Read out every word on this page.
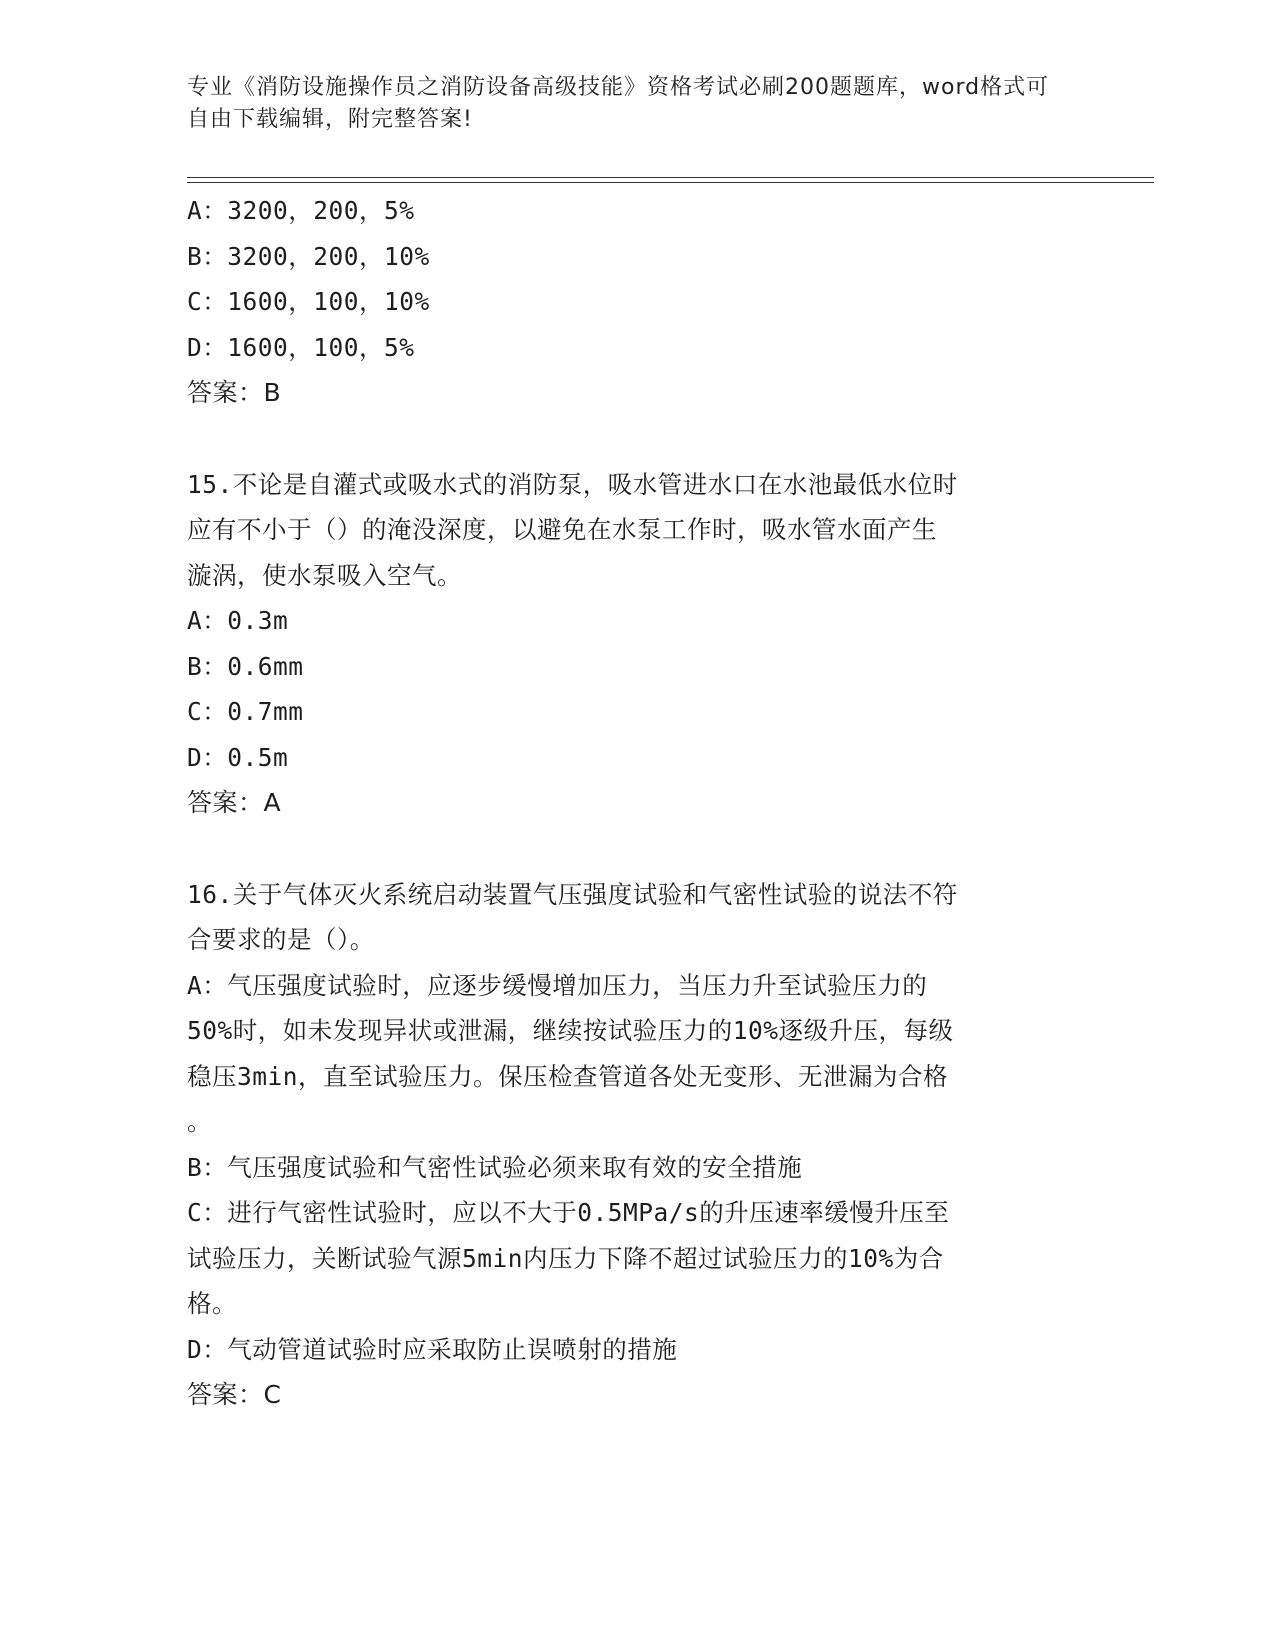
专业《消防设施操作员之消防设备高级技能》资格考试必刷200题题库，word格式可自由下载编辑，附完整答案!
A：3200，200，5%
B：3200，200，10%
C：1600，100，10%
D：1600，100，5%
答案：B
15.不论是自灌式或吸水式的消防泵，吸水管进水口在水池最低水位时
应有不小于（）的淹没深度，以避免在水泵工作时，吸水管水面产生
漩涡，使水泵吸入空气。
A：0.3m
B：0.6mm
C：0.7mm
D：0.5m
答案：A
16.关于气体灭火系统启动装置气压强度试验和气密性试验的说法不符
合要求的是（）。
A：气压强度试验时，应逐步缓慢增加压力，当压力升至试验压力的
50%时，如未发现异状或泄漏，继续按试验压力的10%逐级升压，每级
稳压3min，直至试验压力。保压检查管道各处无变形、无泄漏为合格
。
B：气压强度试验和气密性试验必须来取有效的安全措施
C：进行气密性试验时，应以不大于0.5MPa/s的升压速率缓慢升压至
试验压力，关断试验气源5min内压力下降不超过试验压力的10%为合
格。
D：气动管道试验时应采取防止误喷射的措施
答案：C
